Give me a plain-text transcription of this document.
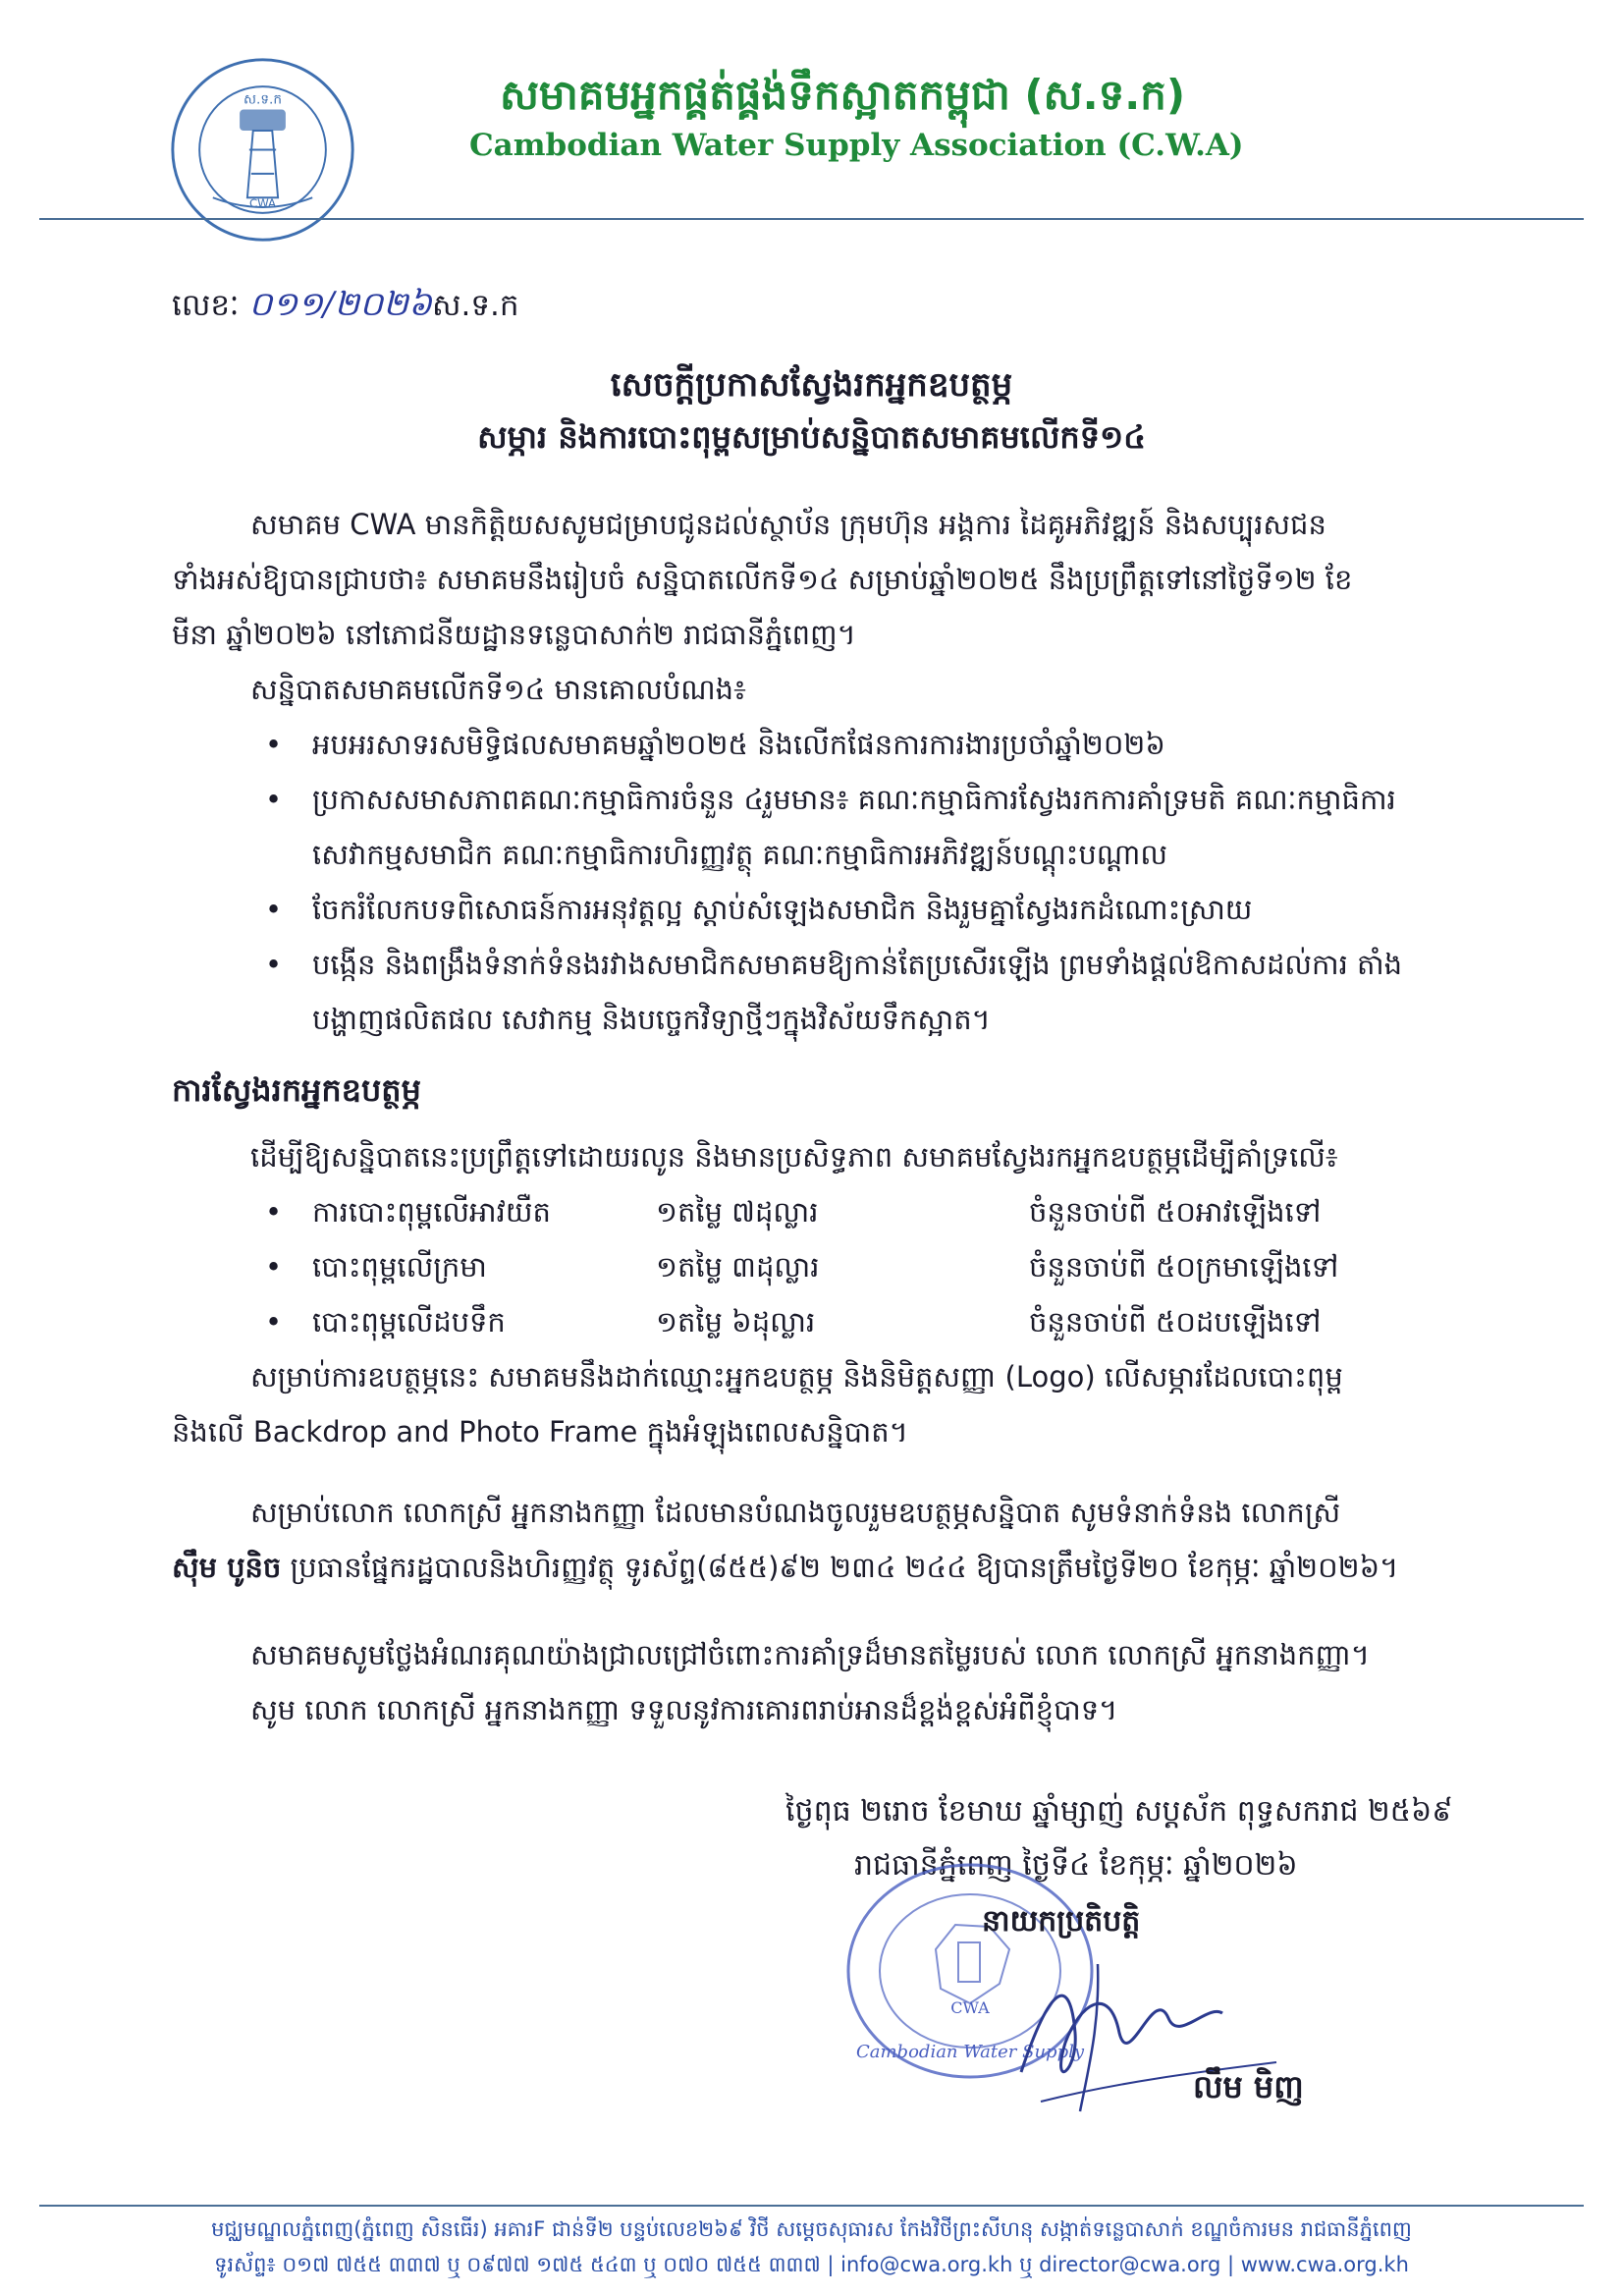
ស.ទ.ក
CWA
សមាគមអ្នកផ្គត់ផ្គង់ទឹកស្អាតកម្ពុជា (ស.ទ.ក)
Cambodian Water Supply Association (C.W.A)
លេខៈ ០១១/២០២៦ស.ទ.ក
សេចក្ដីប្រកាសស្វែងរកអ្នកឧបត្ថម្ភ
សម្ភារ និងការបោះពុម្ពសម្រាប់សន្និបាតសមាគមលើកទី១៤
សមាគម CWA មានកិត្តិយសសូមជម្រាបជូនដល់ស្ថាប័ន ក្រុមហ៊ុន អង្គការ ដៃគូអភិវឌ្ឍន៍ និងសប្បុរសជន
ទាំងអស់ឱ្យបានជ្រាបថា៖ សមាគមនឹងរៀបចំ សន្និបាតលើកទី១៤ សម្រាប់ឆ្នាំ២០២៥ នឹងប្រព្រឹត្តទៅនៅថ្ងៃទី១២ ខែ
មីនា ឆ្នាំ២០២៦ នៅភោជនីយដ្ឋានទន្លេបាសាក់២ រាជធានីភ្នំពេញ។
សន្និបាតសមាគមលើកទី១៤ មានគោលបំណង៖
• អបអរសាទរសមិទ្ធិផលសមាគមឆ្នាំ២០២៥ និងលើកផែនការការងារប្រចាំឆ្នាំ២០២៦
• ប្រកាសសមាសភាពគណៈកម្មាធិការចំនួន ៤រួមមាន៖ គណៈកម្មាធិការស្វែងរកការគាំទ្រមតិ គណៈកម្មាធិការ សេវាកម្មសមាជិក គណៈកម្មាធិការហិរញ្ញវត្ថុ គណៈកម្មាធិការអភិវឌ្ឍន៍បណ្ដុះបណ្ដាល
• ចែករំលែកបទពិសោធន៍ការអនុវត្តល្អ ស្ដាប់សំឡេងសមាជិក និងរួមគ្នាស្វែងរកដំណោះស្រាយ
• បង្កើន និងពង្រឹងទំនាក់ទំនងរវាងសមាជិកសមាគមឱ្យកាន់តែប្រសើរឡើង ព្រមទាំងផ្ដល់ឱកាសដល់ការ តាំងបង្ហាញផលិតផល សេវាកម្ម និងបច្ចេកវិទ្យាថ្មីៗក្នុងវិស័យទឹកស្អាត។
ការស្វែងរកអ្នកឧបត្ថម្ភ
ដើម្បីឱ្យសន្និបាតនេះប្រព្រឹត្តទៅដោយរលូន និងមានប្រសិទ្ធភាព សមាគមស្វែងរកអ្នកឧបត្ថម្ភដើម្បីគាំទ្រលើ៖
• ការបោះពុម្ពលើអាវយឺត	១តម្លៃ ៧ដុល្លារ	ចំនួនចាប់ពី ៥០អាវឡើងទៅ
• បោះពុម្ពលើក្រមា	១តម្លៃ ៣ដុល្លារ	ចំនួនចាប់ពី ៥០ក្រមាឡើងទៅ
• បោះពុម្ពលើដបទឹក	១តម្លៃ ៦ដុល្លារ	ចំនួនចាប់ពី ៥០ដបឡើងទៅ
សម្រាប់ការឧបត្ថម្ភនេះ សមាគមនឹងដាក់ឈ្មោះអ្នកឧបត្ថម្ភ និងនិមិត្តសញ្ញា (Logo) លើសម្ភារដែលបោះពុម្ព
និងលើ Backdrop and Photo Frame ក្នុងអំឡុងពេលសន្និបាត។
សម្រាប់លោក លោកស្រី អ្នកនាងកញ្ញា ដែលមានបំណងចូលរួមឧបត្ថម្ភសន្និបាត សូមទំនាក់ទំនង លោកស្រី
ស៊ឹម បូនិច ប្រធានផ្នែករដ្ឋបាលនិងហិរញ្ញវត្ថុ ទូរស័ព្ទ(៨៥៥)៩២ ២៣៤ ២៤៤ ឱ្យបានត្រឹមថ្ងៃទី២០ ខែកុម្ភៈ ឆ្នាំ២០២៦។
សមាគមសូមថ្លែងអំណរគុណយ៉ាងជ្រាលជ្រៅចំពោះការគាំទ្រដ៏មានតម្លៃរបស់ លោក លោកស្រី អ្នកនាងកញ្ញា។
សូម លោក លោកស្រី អ្នកនាងកញ្ញា ទទួលនូវការគោរពរាប់អានដ៏ខ្ពង់ខ្ពស់អំពីខ្ញុំបាទ។
ថ្ងៃពុធ ២រោច ខែមាឃ ឆ្នាំម្សាញ់ សប្តស័ក ពុទ្ធសករាជ ២៥៦៩
រាជធានីភ្នំពេញ ថ្ងៃទី៤ ខែកុម្ភៈ ឆ្នាំ២០២៦
CWA
Cambodian Water Supply
នាយកប្រតិបត្តិ
លឹម មិញ
មជ្ឈមណ្ឌលភ្នំពេញ(ភ្នំពេញ សិនធើរ) អគារF ជាន់ទី២ បន្ទប់លេខ២៦៩ វិថី សម្ដេចសុធារស កែងវិថីព្រះសីហនុ សង្កាត់ទន្លេបាសាក់ ខណ្ឌចំការមន រាជធានីភ្នំពេញ
ទូរស័ព្ទ៖ ០១៧ ៧៥៥ ៣៣៧ ឬ ០៩៧៧ ១៧៥ ៥៤៣ ឬ ០៧០ ៧៥៥ ៣៣៧ | info@cwa.org.kh ឬ director@cwa.org | www.cwa.org.kh
